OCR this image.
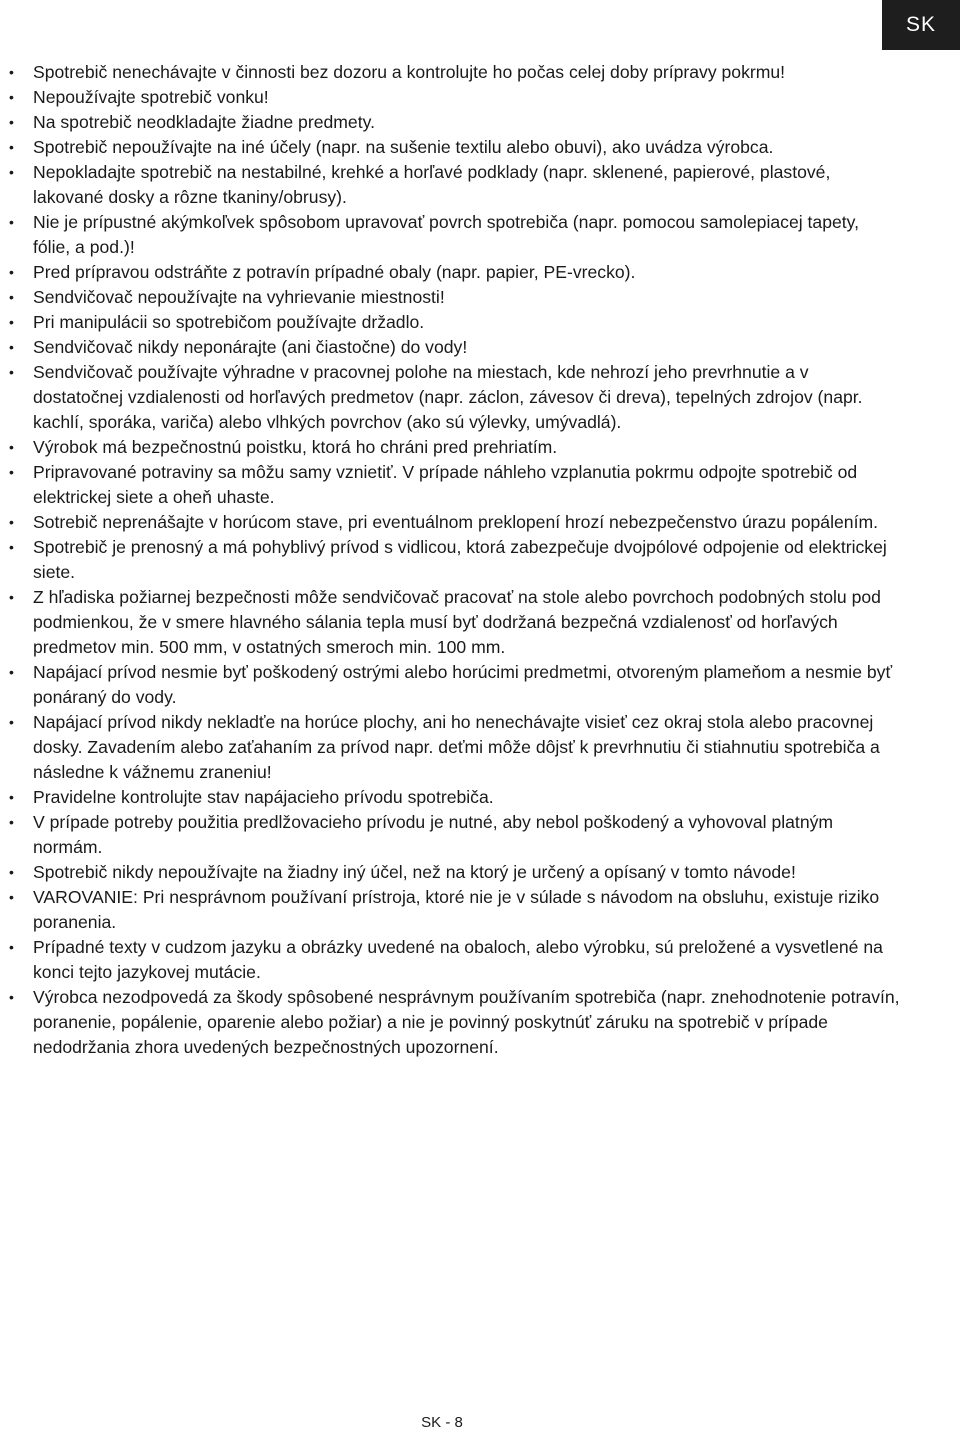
SK
• Spotrebič nenechávajte v činnosti bez dozoru a kontrolujte ho počas celej doby prípravy pokrmu!
• Nepoužívajte spotrebič vonku!
• Na spotrebič neodkladajte žiadne predmety.
• Spotrebič nepoužívajte na iné účely (napr. na sušenie textilu alebo obuvi), ako uvádza výrobca.
• Nepokladajte spotrebič na nestabilné, krehké a horľavé podklady (napr. sklenené, papierové, plastové, lakované dosky a rôzne tkaniny/obrusy).
• Nie je prípustné akýmkoľvek spôsobom upravovať povrch spotrebiča (napr. pomocou samolepiacej tapety, fólie, a pod.)!
• Pred prípravou odstráňte z potravín prípadné obaly (napr. papier, PE-vrecko).
• Sendvičovač nepoužívajte na vyhrievanie miestnosti!
• Pri manipulácii so spotrebičom používajte držadlo.
• Sendvičovač nikdy neponárajte (ani čiastočne) do vody!
• Sendvičovač používajte výhradne v pracovnej polohe na miestach, kde nehrozí jeho prevrhnutie a v dostatočnej vzdialenosti od horľavých predmetov (napr. záclon, závesov či dreva), tepelných zdrojov (napr. kachlí, sporáka, variča) alebo vlhkých povrchov (ako sú výlevky, umývadlá).
• Výrobok má bezpečnostnú poistku, ktorá ho chráni pred prehriatím.
• Pripravované potraviny sa môžu samy vznietiť. V prípade náhleho vzplanutia pokrmu odpojte spotrebič od elektrickej siete a oheň uhaste.
• Sotrebič neprenášajte v horúcom stave, pri eventuálnom preklopení hrozí nebezpečenstvo úrazu popálením.
• Spotrebič je prenosný a má pohyblivý prívod s vidlicou, ktorá zabezpečuje dvojpólové odpojenie od elektrickej siete.
• Z hľadiska požiarnej bezpečnosti môže sendvičovač pracovať na stole alebo povrchoch podobných stolu pod podmienkou, že v smere hlavného sálania tepla musí byť dodržaná bezpečná vzdialenosť od horľavých predmetov min. 500 mm, v ostatných smeroch min. 100 mm.
• Napájací prívod nesmie byť poškodený ostrými alebo horúcimi predmetmi, otvoreným plameňom a nesmie byť ponáraný do vody.
• Napájací prívod nikdy nekladťe na horúce plochy, ani ho nenechávajte visieť cez okraj stola alebo pracovnej dosky. Zavadením alebo zaťahaním za prívod napr. deťmi môže dôjsť k prevrhnutiu či stiahnutiu spotrebiča a následne k vážnemu zraneniu!
• Pravidelne kontrolujte stav napájacieho prívodu spotrebiča.
• V prípade potreby použitia predlžovacieho prívodu je nutné, aby nebol poškodený a vyhovoval platným normám.
• Spotrebič nikdy nepoužívajte na žiadny iný účel, než na ktorý je určený a opísaný v tomto návode!
• VAROVANIE: Pri nesprávnom používaní prístroja, ktoré nie je v súlade s návodom na obsluhu, existuje riziko poranenia.
• Prípadné texty v cudzom jazyku a obrázky uvedené na obaloch, alebo výrobku, sú preložené a vysvetlené na konci tejto jazykovej mutácie.
• Výrobca nezodpovedá za škody spôsobené nesprávnym používaním spotrebiča (napr. znehodnotenie potravín, poranenie, popálenie, oparenie alebo požiar) a nie je povinný poskytnúť záruku na spotrebič v prípade nedodržania zhora uvedených bezpečnostných upozornení.
SK - 8
